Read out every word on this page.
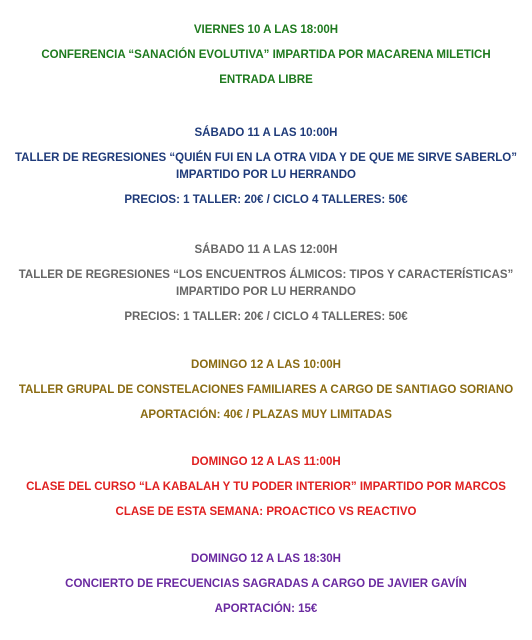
VIERNES 10 A LAS 18:00H
CONFERENCIA “SANACIÓN EVOLUTIVA” IMPARTIDA POR MACARENA MILETICH
ENTRADA LIBRE
SÁBADO 11 A LAS 10:00H
TALLER DE REGRESIONES “QUIÉN FUI EN LA OTRA VIDA Y DE QUE ME SIRVE SABERLO” IMPARTIDO POR LU HERRANDO
PRECIOS: 1 TALLER: 20€ / CICLO 4 TALLERES: 50€
SÁBADO 11 A LAS 12:00H
TALLER DE REGRESIONES “LOS ENCUENTROS ÁLMICOS: TIPOS Y CARACTERÍSTICAS” IMPARTIDO POR LU HERRANDO
PRECIOS: 1 TALLER: 20€ / CICLO 4 TALLERES: 50€
DOMINGO 12 A LAS 10:00H
TALLER GRUPAL DE CONSTELACIONES FAMILIARES A CARGO DE SANTIAGO SORIANO
APORTACIÓN: 40€ / PLAZAS MUY LIMITADAS
DOMINGO 12 A LAS 11:00H
CLASE DEL CURSO “LA KABALAH Y TU PODER INTERIOR” IMPARTIDO POR MARCOS
CLASE DE ESTA SEMANA: PROACTICO VS REACTIVO
DOMINGO 12 A LAS 18:30H
CONCIERTO DE FRECUENCIAS SAGRADAS A CARGO DE JAVIER GAVÍN
APORTACIÓN: 15€
